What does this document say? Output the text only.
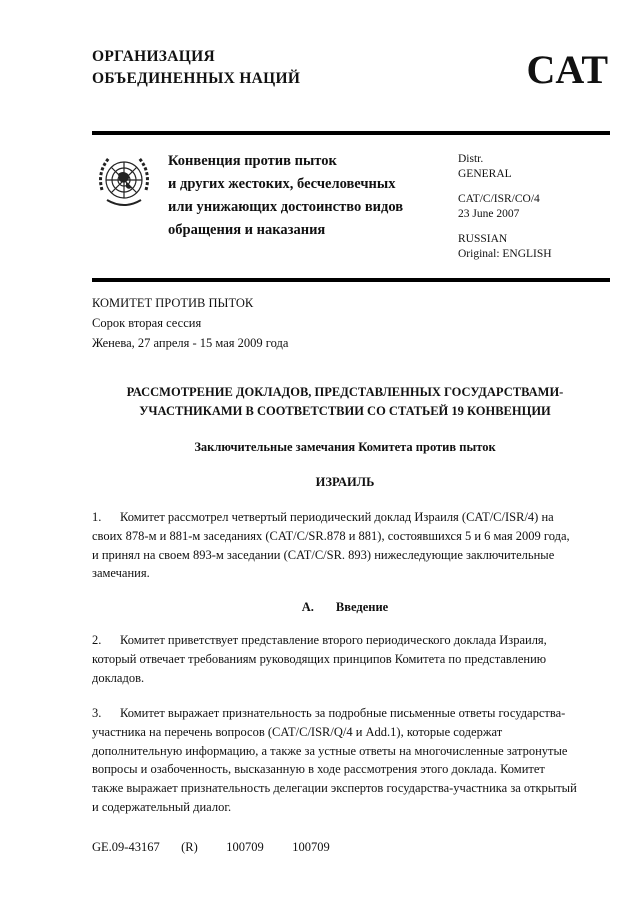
ОРГАНИЗАЦИЯ
ОБЪЕДИНЕННЫХ НАЦИЙ	CAT
Конвенция против пыток
и других жестоких, бесчеловечных
или унижающих достоинство видов
обращения и наказания
Distr.
GENERAL
CAT/C/ISR/CO/4
23 June 2007
RUSSIAN
Original: ENGLISH
КОМИТЕТ ПРОТИВ ПЫТОК
Сорок вторая сессия
Женева, 27 апреля - 15 мая 2009 года
РАССМОТРЕНИЕ ДОКЛАДОВ, ПРЕДСТАВЛЕННЫХ ГОСУДАРСТВАМИ-
УЧАСТНИКАМИ В СООТВЕТСТВИИ СО СТАТЬЕЙ 19 КОНВЕНЦИИ
Заключительные замечания Комитета против пыток
ИЗРАИЛЬ
1. Комитет рассмотрел четвертый периодический доклад Израиля (CAT/C/ISR/4) на
своих 878-м и 881-м заседаниях (CAT/C/SR.878 и 881), состоявшихся 5 и 6 мая 2009 года,
и принял на своем 893-м заседании (CAT/C/SR. 893) нижеследующие заключительные
замечания.
A. Введение
2. Комитет приветствует представление второго периодического доклада Израиля,
который отвечает требованиям руководящих принципов Комитета по представлению
докладов.
3. Комитет выражает признательность за подробные письменные ответы государства-
участника на перечень вопросов (CAT/C/ISR/Q/4 и Add.1), которые содержат
дополнительную информацию, а также за устные ответы на многочисленные затронутые
вопросы и озабоченность, высказанную в ходе рассмотрения этого доклада. Комитет
также выражает признательность делегации экспертов государства-участника за открытый
и содержательный диалог.
GE.09-43167   (R)    100709    100709
